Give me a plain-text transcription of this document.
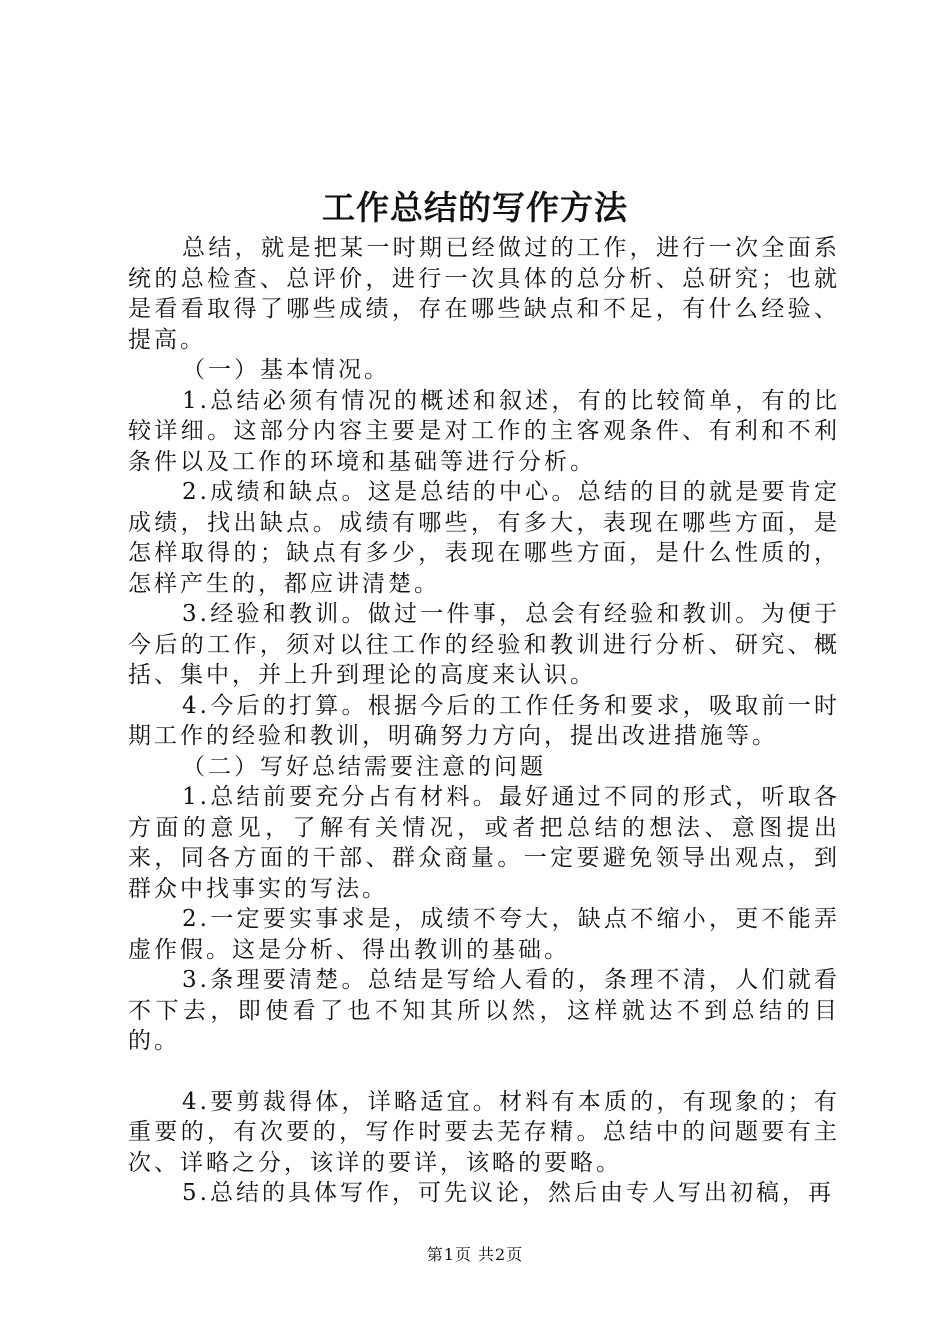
工作总结的写作方法

总结，就是把某一时期已经做过的工作，进行一次全面系统的总检查、总评价，进行一次具体的总分析、总研究；也就是看看取得了哪些成绩，存在哪些缺点和不足，有什么经验、提高。

（一）基本情况。

1.总结必须有情况的概述和叙述，有的比较简单，有的比较详细。这部分内容主要是对工作的主客观条件、有利和不利条件以及工作的环境和基础等进行分析。

2.成绩和缺点。这是总结的中心。总结的目的就是要肯定成绩，找出缺点。成绩有哪些，有多大，表现在哪些方面，是怎样取得的；缺点有多少，表现在哪些方面，是什么性质的，怎样产生的，都应讲清楚。

3.经验和教训。做过一件事，总会有经验和教训。为便于今后的工作，须对以往工作的经验和教训进行分析、研究、概括、集中，并上升到理论的高度来认识。

4.今后的打算。根据今后的工作任务和要求，吸取前一时期工作的经验和教训，明确努力方向，提出改进措施等。

（二）写好总结需要注意的问题

1.总结前要充分占有材料。最好通过不同的形式，听取各方面的意见，了解有关情况，或者把总结的想法、意图提出来，同各方面的干部、群众商量。一定要避免领导出观点，到群众中找事实的写法。

2.一定要实事求是，成绩不夸大，缺点不缩小，更不能弄虚作假。这是分析、得出教训的基础。

3.条理要清楚。总结是写给人看的，条理不清，人们就看不下去，即使看了也不知其所以然，这样就达不到总结的目的。

4.要剪裁得体，详略适宜。材料有本质的，有现象的；有重要的，有次要的，写作时要去芜存精。总结中的问题要有主次、详略之分，该详的要详，该略的要略。

5.总结的具体写作，可先议论，然后由专人写出初稿，再

第1页 共2页
